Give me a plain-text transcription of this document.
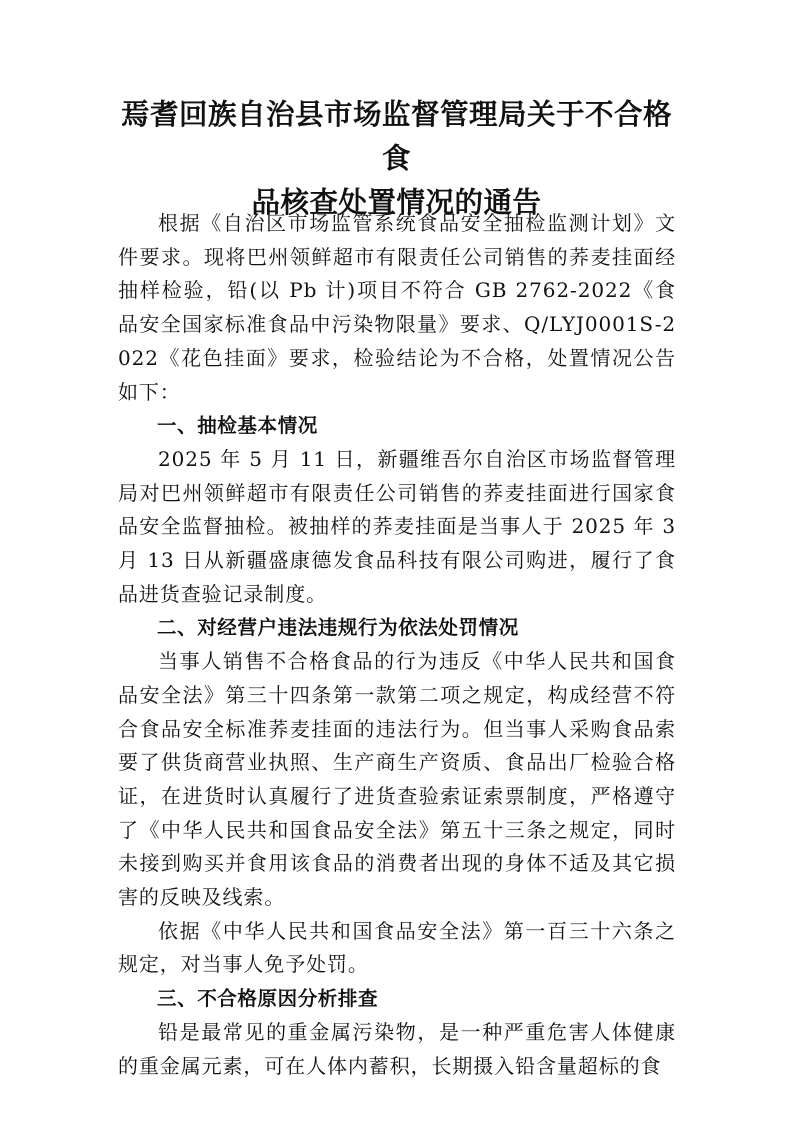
焉耆回族自治县市场监督管理局关于不合格食
品核查处置情况的通告

根据《自治区市场监管系统食品安全抽检监测计划》文件要求。现将巴州领鲜超市有限责任公司销售的荞麦挂面经抽样检验，铅(以 Pb 计)项目不符合 GB 2762-2022《食品安全国家标准食品中污染物限量》要求、Q/LYJ0001S-2022《花色挂面》要求，检验结论为不合格，处置情况公告如下：

一、抽检基本情况

2025 年 5 月 11 日，新疆维吾尔自治区市场监督管理局对巴州领鲜超市有限责任公司销售的荞麦挂面进行国家食品安全监督抽检。被抽样的荞麦挂面是当事人于 2025 年 3 月 13 日从新疆盛康德发食品科技有限公司购进，履行了食品进货查验记录制度。

二、对经营户违法违规行为依法处罚情况

当事人销售不合格食品的行为违反《中华人民共和国食品安全法》第三十四条第一款第二项之规定，构成经营不符合食品安全标准荞麦挂面的违法行为。但当事人采购食品索要了供货商营业执照、生产商生产资质、食品出厂检验合格证，在进货时认真履行了进货查验索证索票制度，严格遵守了《中华人民共和国食品安全法》第五十三条之规定，同时未接到购买并食用该食品的消费者出现的身体不适及其它损害的反映及线索。

依据《中华人民共和国食品安全法》第一百三十六条之规定，对当事人免予处罚。

三、不合格原因分析排查

铅是最常见的重金属污染物，是一种严重危害人体健康的重金属元素，可在人体内蓄积，长期摄入铅含量超标的食
